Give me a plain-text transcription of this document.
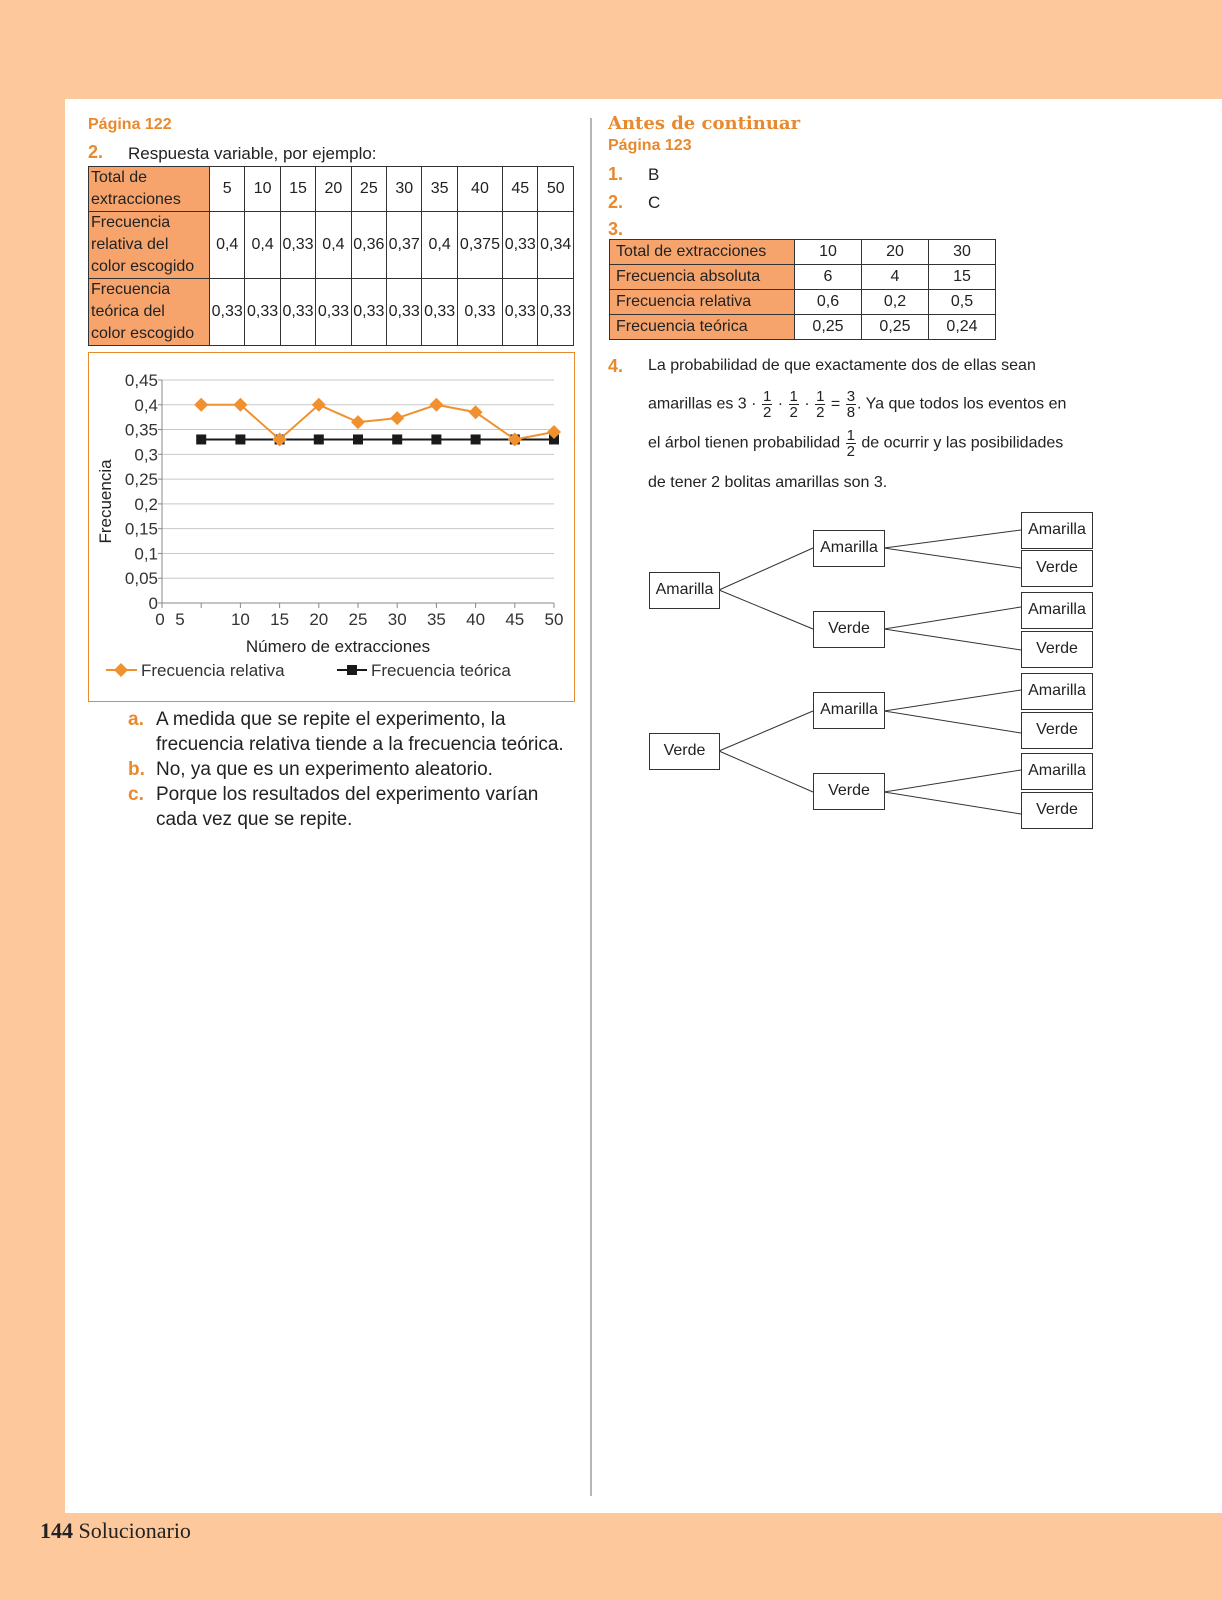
Página 122
2. Respuesta variable, por ejemplo:
Total de
extracciones	5	10	15	20	25	30	35	40	45	50
Frecuencia
relativa del
color escogido	0,4	0,4	0,33	0,4	0,36	0,37	0,4	0,375	0,33	0,34
Frecuencia
teórica del
color escogido	0,33	0,33	0,33	0,33	0,33	0,33	0,33	0,33	0,33	0,33
0
0,05
0,1
0,15
0,2
0,25
0,3
0,35
0,4
0,45
0 5	10 15 20 25 30 35 40 45 50
Número de extracciones
Frecuencia
Frecuencia relativa	Frecuencia teórica
a. A medida que se repite el experimento, la
frecuencia relativa tiende a la frecuencia teórica.
b. No, ya que es un experimento aleatorio.
c. Porque los resultados del experimento varían
cada vez que se repite.
Antes de continuar
Página 123
1. B
2. C
3.
Total de extracciones	10	20	30
Frecuencia absoluta	6	4	15
Frecuencia relativa	0,6	0,2	0,5
Frecuencia teórica	0,25	0,25	0,24
4. La probabilidad de que exactamente dos de ellas sean
amarillas es $3 \cdot \frac{1}{2} \cdot \frac{1}{2} \cdot \frac{1}{2} = \frac{3}{8}$ . Ya que todos los eventos en
el árbol tienen probabilidad $\frac{1}{2}$ de ocurrir y las posibilidades
de tener 2 bolitas amarillas son 3.
Amarilla
Amarilla
Verde
Amarilla
Verde
Amarilla
Verde
Verde
Amarilla
Verde
Amarilla
Verde
Amarilla
Verde
144 Solucionario
